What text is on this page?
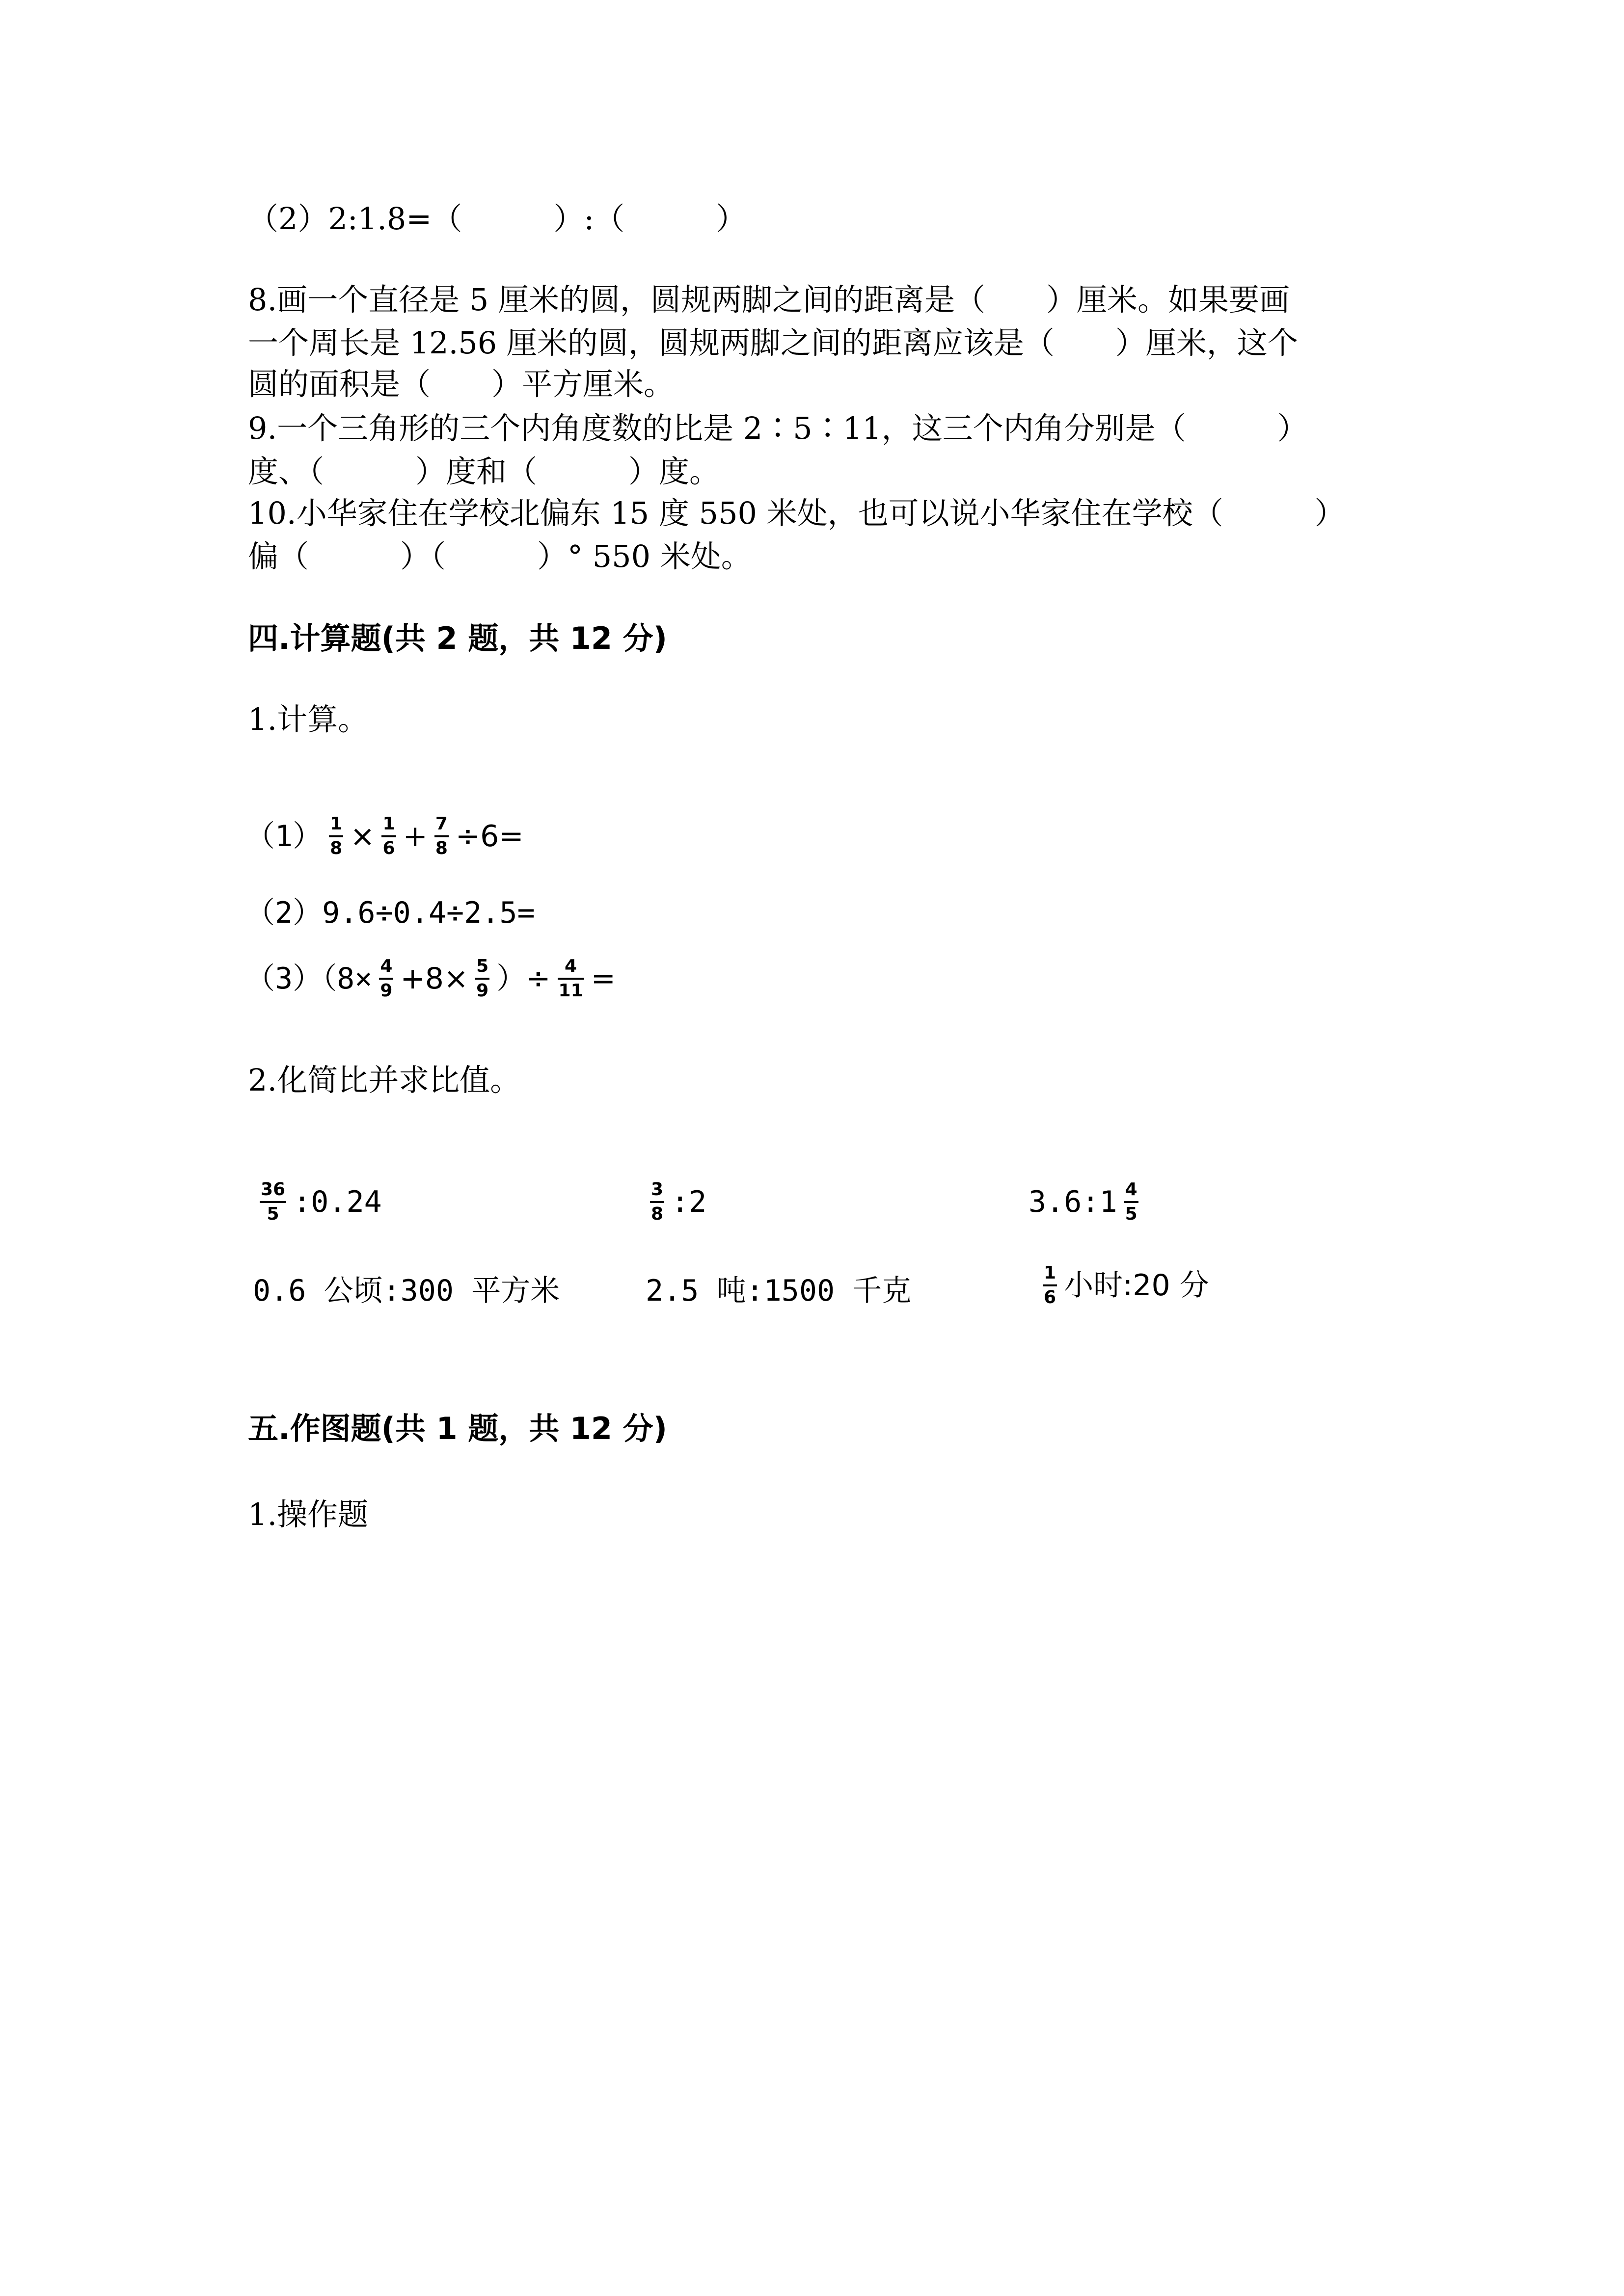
（2）2:1.8=（　　　）:（　　　）
8.画一个直径是 5 厘米的圆，圆规两脚之间的距离是（　　）厘米。如果要画
一个周长是 12.56 厘米的圆，圆规两脚之间的距离应该是（　　）厘米，这个
圆的面积是（　　）平方厘米。
9.一个三角形的三个内角度数的比是 2∶5∶11，这三个内角分别是（　　　）
度、（　　　）度和（　　　）度。
10.小华家住在学校北偏东 15 度 550 米处，也可以说小华家住在学校（　　　）
偏（　　　）（　　　）° 550 米处。
四.计算题(共 2 题，共 12 分)
1.计算。
$(1) \frac{1}{8} \times \frac{1}{6} + \frac{7}{8} \div 6=$
（2）9.6÷0.4÷2.5=
$(3)(8\times \frac{4}{9} +8\times \frac{5}{9}$ ）÷ $\frac{4}{11}$ =
2.化简比并求比值。
$\frac{36}{5}$ :0.24	$\frac{3}{8}$ :2	3.6:1 $\frac{4}{5}$
0.6 公顷:300 平方米	2.5 吨:1500 千克	$\frac{1}{6}$ 小时:20 分
五.作图题(共 1 题，共 12 分)
1.操作题
